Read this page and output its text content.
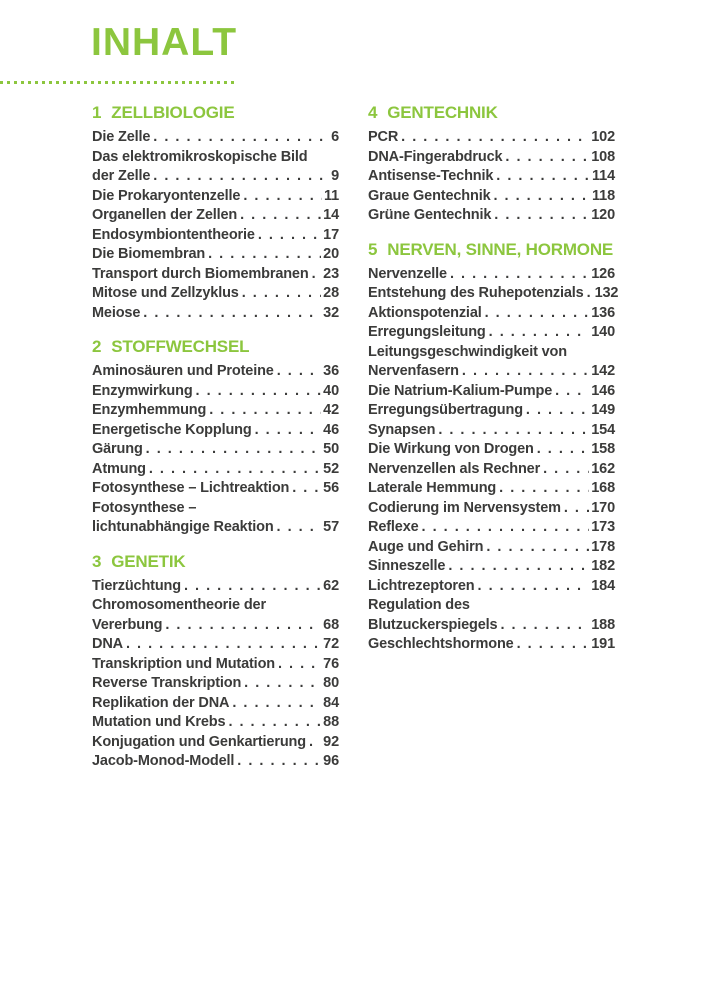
INHALT
1 ZELLBIOLOGIE
Die Zelle . . .	6
Das elektromikroskopische Bild
der Zelle . . .	9
Die Prokaryontenzelle . . .	11
Organellen der Zellen . . .	14
Endosymbiontentheorie . . .	17
Die Biomembran . . .	20
Transport durch Biomembranen . . . 23
Mitose und Zellzyklus . . .	28
Meiose . . .	32
2 STOFFWECHSEL
Aminosäuren und Proteine . . .	36
Enzymwirkung . . .	40
Enzymhemmung . . .	42
Energetische Kopplung . . .	46
Gärung . . .	50
Atmung . . .	52
Fotosynthese – Lichtreaktion . . . 56
Fotosynthese –
lichtunabhängige Reaktion . . .	57
3 GENETIK
Tierzüchtung . . .	62
Chromosomentheorie der
Vererbung . . .	68
DNA . . .	72
Transkription und Mutation . . .	76
Reverse Transkription . . .	80
Replikation der DNA . . .	84
Mutation und Krebs . . .	88
Konjugation und Genkartierung . . . 92
Jacob-Monod-Modell . . .	96
4 GENTECHNIK
PCR . . .	102
DNA-Fingerabdruck . . .	108
Antisense-Technik . . .	114
Graue Gentechnik . . .	118
Grüne Gentechnik . . .	120
5 NERVEN, SINNE, HORMONE
Nervenzelle . . .	126
Entstehung des Ruhepotenzials . . . 132
Aktionspotenzial . . .	136
Erregungsleitung . . .	140
Leitungsgeschwindigkeit von
Nervenfasern . . .	142
Die Natrium-Kalium-Pumpe . . .	146
Erregungsübertragung . . .	149
Synapsen . . .	154
Die Wirkung von Drogen . . .	158
Nervenzellen als Rechner . . .	162
Laterale Hemmung . . .	168
Codierung im Nervensystem . . . 170
Reflexe . . .	173
Auge und Gehirn . . .	178
Sinneszelle . . .	182
Lichtrezeptoren . . .	184
Regulation des
Blutzuckerspiegels . . .	188
Geschlechtshormone . . .	191
